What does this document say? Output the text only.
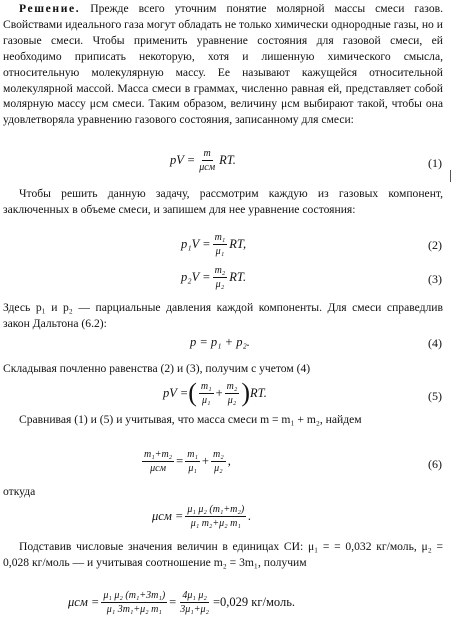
Решение. Прежде всего уточним понятие молярной массы смеси газов. Свойствами идеального газа могут обладать не только химически однородные газы, но и газовые смеси. Чтобы применить уравнение состояния для газовой смеси, ей необходимо приписать некоторую, хотя и лишенную химического смысла, относительную молекулярную массу. Ее называют кажущейся относительной молекулярной массой. Масса смеси в граммах, численно равная ей, представляет собой молярную массу μсм смеси. Таким образом, величину μсм выбирают такой, чтобы она удовлетворяла уравнению газового состояния, записанному для смеси:

pV = $\frac{m}{\text{μсм}}$ RT.	(1)

Чтобы решить данную задачу, рассмотрим каждую из газовых компонент, заключенных в объеме смеси, и запишем для нее уравнение состояния:

$p_1V = \frac{\text{m₁}}{\text{μ₁}}$ RT,	(2)
$p_2V = \frac{\text{m₂}}{\text{μ₂}}$ RT.	(3)

Здесь p₁ и p₂ — парциальные давления каждой компоненты. Для смеси справедлив закон Дальтона (6.2):

p = p₁ + p₂.	(4)

Складывая почленно равенства (2) и (3), получим с учетом (4)

pV = ( $\frac{\text{m₁}}{\text{μ₁}} + \frac{\text{m₂}}{\text{μ₂}}$ ) RT.	(5)

Сравнивая (1) и (5) и учитывая, что масса смеси m = m₁ + m₂, найдем

$\frac{\text{m₁+m₂}}{\text{μсм}} = \frac{\text{m₁}}{\text{μ₁}} + \frac{\text{m₂}}{\text{μ₂}}$ ,	(6)

откуда

$\mu см = \frac{\text{μ₁ μ₂ (m₁+m₂)}}{\text{μ₁ m₂+μ₂ m₁}}$ .

Подставив числовые значения величин в единицах СИ: μ₁ = = 0,032 кг/моль, μ₂ = 0,028 кг/моль — и учитывая соотношение m₂ = 3m₁, получим

$\mu см = \frac{\text{μ₁ μ₂ (m₁+3m₁)}}{\text{μ₁ 3m₁+μ₂ m₁}} = \frac{\text{4μ₁ μ₂}}{\text{3μ₁+μ₂}} =0,029$ кг/моль.
